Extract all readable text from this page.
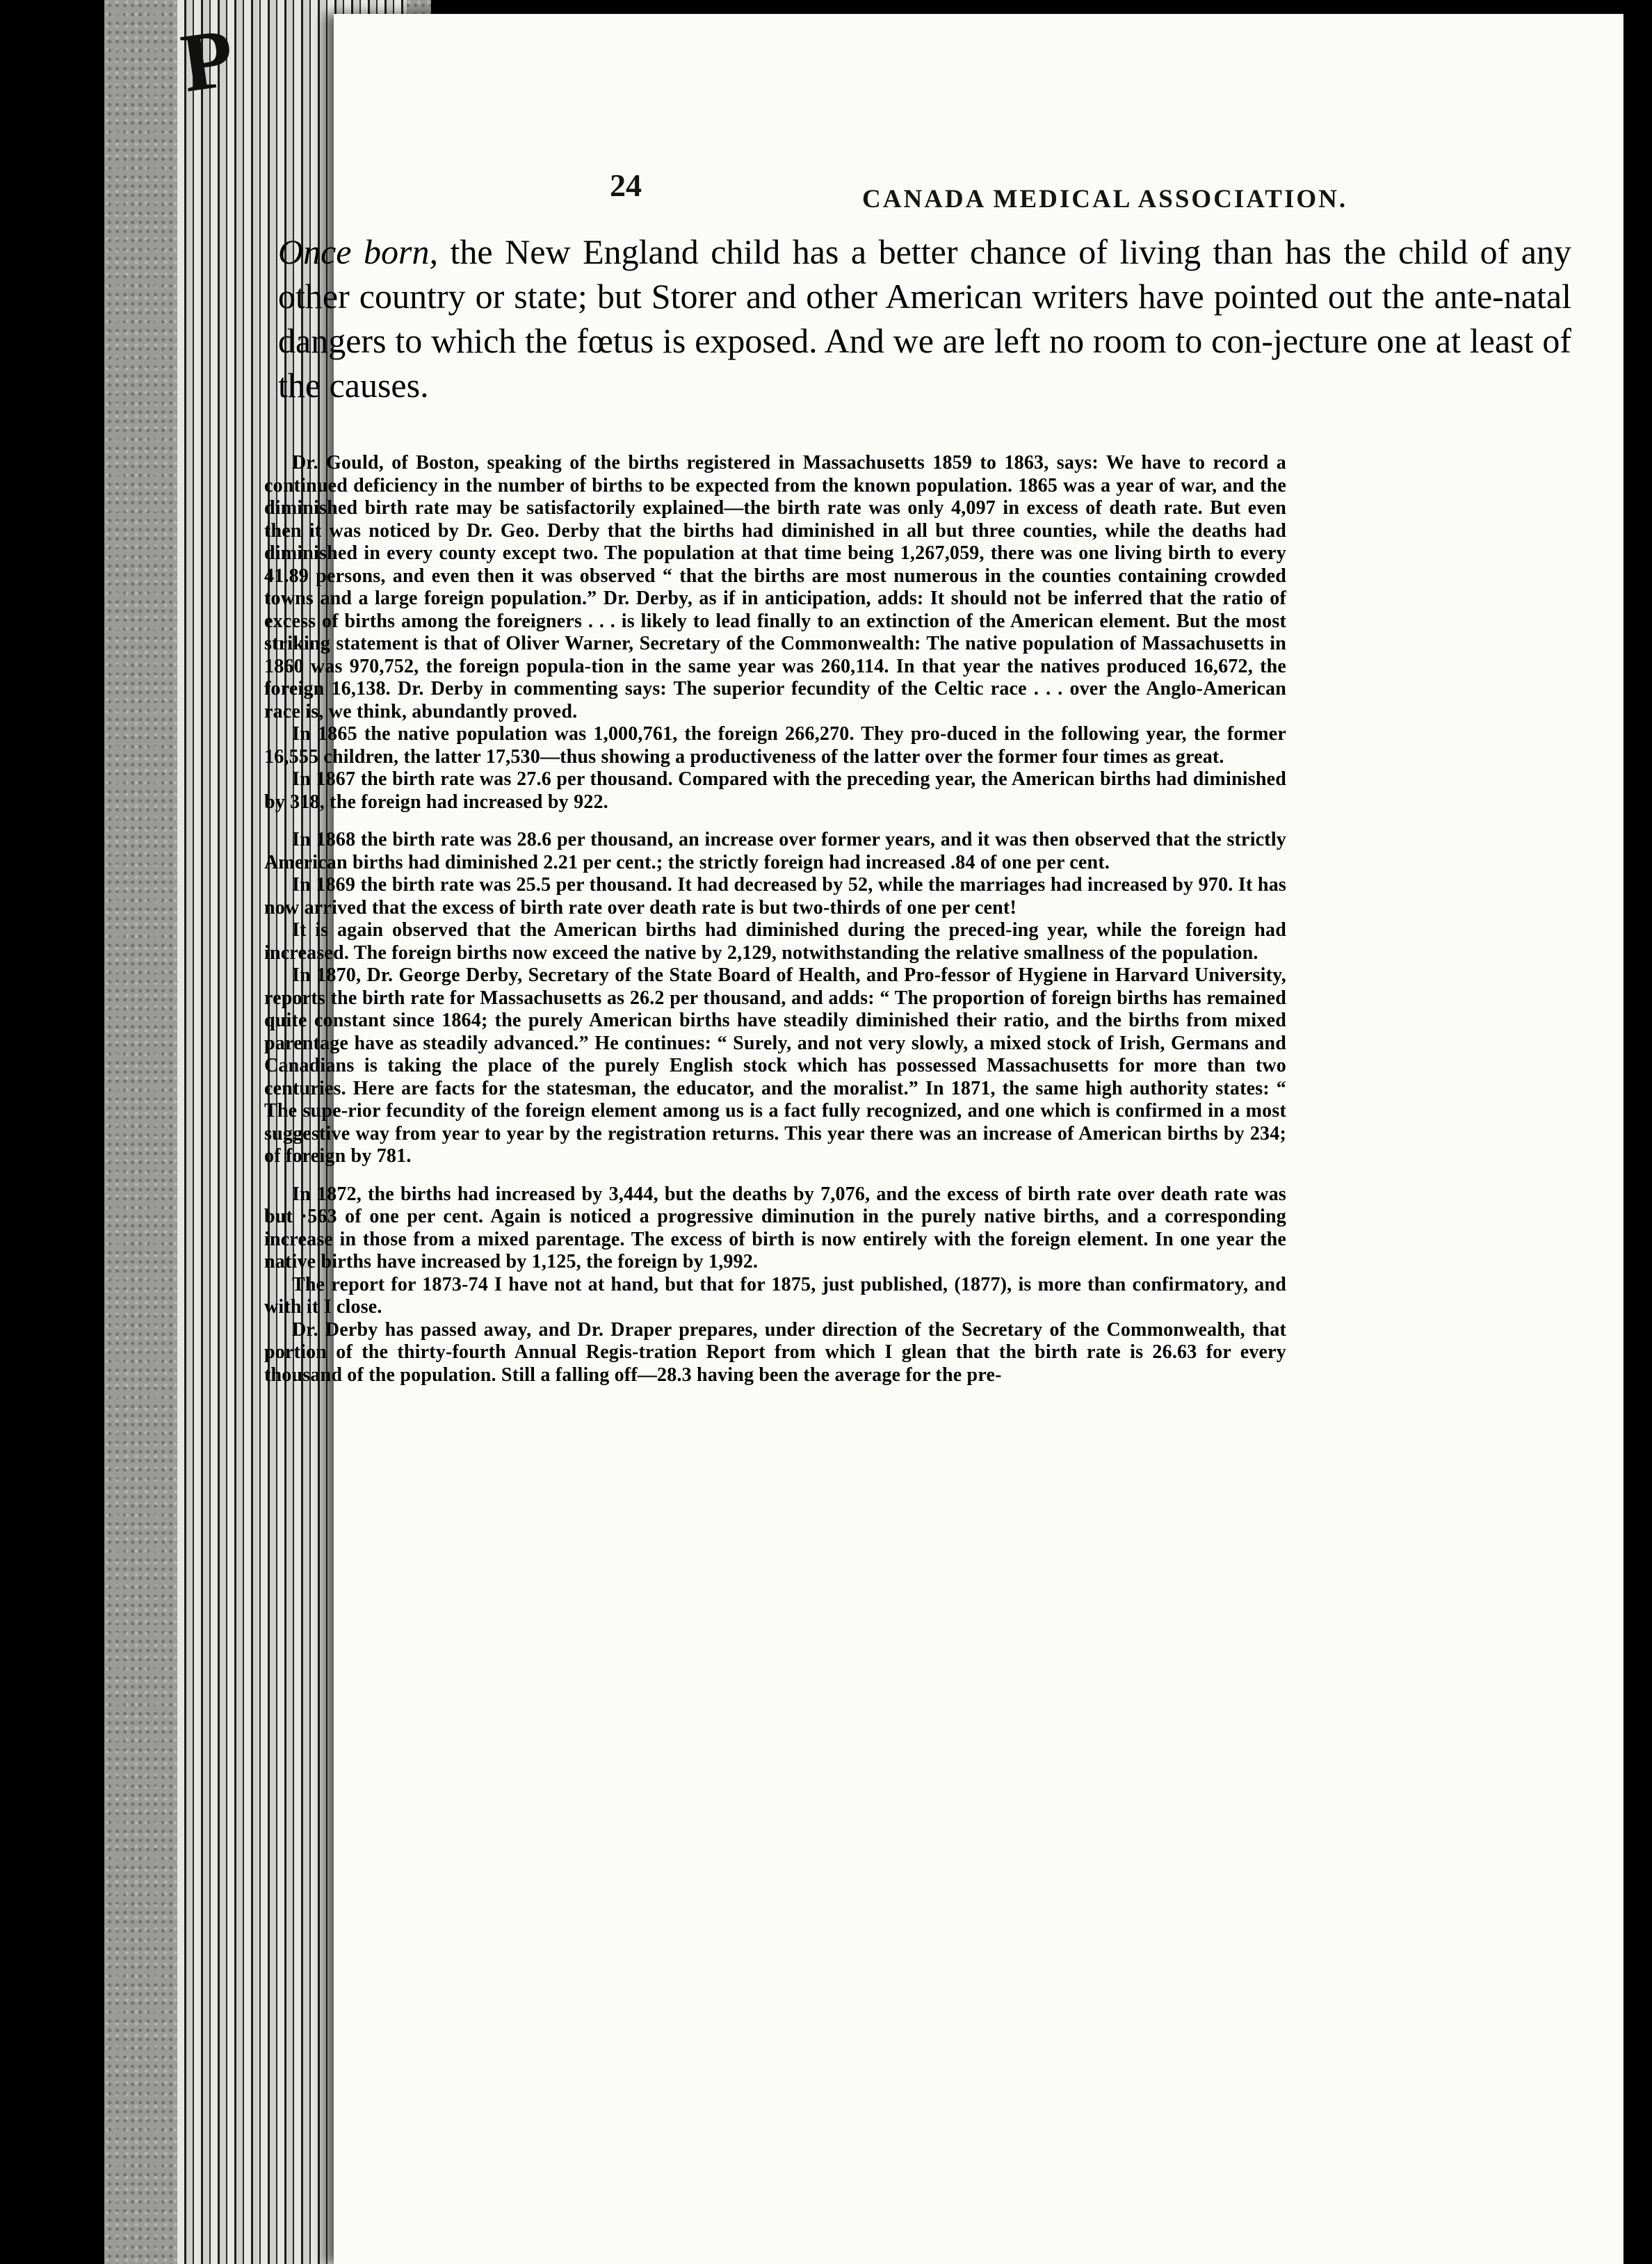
P
24	CANADA MEDICAL ASSOCIATION.

Once born, the New England child has a better chance of living than has the child of any other country or state; but Storer and other American writers have pointed out the ante-natal dangers to which the fœtus is exposed. And we are left no room to con-jecture one at least of the causes.

Dr. Gould, of Boston, speaking of the births registered in Massachusetts 1859 to 1863, says: We have to record a continued deficiency in the number of births to be expected from the known population. 1865 was a year of war, and the diminished birth rate may be satisfactorily explained—the birth rate was only 4,097 in excess of death rate. But even then it was noticed by Dr. Geo. Derby that the births had diminished in all but three counties, while the deaths had diminished in every county except two. The population at that time being 1,267,059, there was one living birth to every 41.89 persons, and even then it was observed “ that the births are most numerous in the counties containing crowded towns and a large foreign population.” Dr. Derby, as if in anticipation, adds: It should not be inferred that the ratio of excess of births among the foreigners . . . is likely to lead finally to an extinction of the American element. But the most striking statement is that of Oliver Warner, Secretary of the Commonwealth: The native population of Massachusetts in 1860 was 970,752, the foreign popula-tion in the same year was 260,114. In that year the natives produced 16,672, the foreign 16,138. Dr. Derby in commenting says: The superior fecundity of the Celtic race . . . over the Anglo-American race is, we think, abundantly proved.

In 1865 the native population was 1,000,761, the foreign 266,270. They pro-duced in the following year, the former 16,555 children, the latter 17,530—thus showing a productiveness of the latter over the former four times as great.

In 1867 the birth rate was 27.6 per thousand. Compared with the preceding year, the American births had diminished by 318, the foreign had increased by 922.

In 1868 the birth rate was 28.6 per thousand, an increase over former years, and it was then observed that the strictly American births had diminished 2.21 per cent.; the strictly foreign had increased .84 of one per cent.

In 1869 the birth rate was 25.5 per thousand. It had decreased by 52, while the marriages had increased by 970. It has now arrived that the excess of birth rate over death rate is but two-thirds of one per cent!

It is again observed that the American births had diminished during the preced-ing year, while the foreign had increased. The foreign births now exceed the native by 2,129, notwithstanding the relative smallness of the population.

In 1870, Dr. George Derby, Secretary of the State Board of Health, and Pro-fessor of Hygiene in Harvard University, reports the birth rate for Massachusetts as 26.2 per thousand, and adds: “ The proportion of foreign births has remained quite constant since 1864; the purely American births have steadily diminished their ratio, and the births from mixed parentage have as steadily advanced.” He continues: “ Surely, and not very slowly, a mixed stock of Irish, Germans and Canadians is taking the place of the purely English stock which has possessed Massachusetts for more than two centuries. Here are facts for the statesman, the educator, and the moralist.” In 1871, the same high authority states: “ The supe-rior fecundity of the foreign element among us is a fact fully recognized, and one which is confirmed in a most suggestive way from year to year by the registration returns. This year there was an increase of American births by 234; of foreign by 781.

In 1872, the births had increased by 3,444, but the deaths by 7,076, and the excess of birth rate over death rate was but ·563 of one per cent. Again is noticed a progressive diminution in the purely native births, and a corresponding increase in those from a mixed parentage. The excess of birth is now entirely with the foreign element. In one year the native births have increased by 1,125, the foreign by 1,992.

The report for 1873-74 I have not at hand, but that for 1875, just published, (1877), is more than confirmatory, and with it I close.

Dr. Derby has passed away, and Dr. Draper prepares, under direction of the Secretary of the Commonwealth, that portion of the thirty-fourth Annual Regis-tration Report from which I glean that the birth rate is 26.63 for every thousand of the population. Still a falling off—28.3 having been the average for the pre-
